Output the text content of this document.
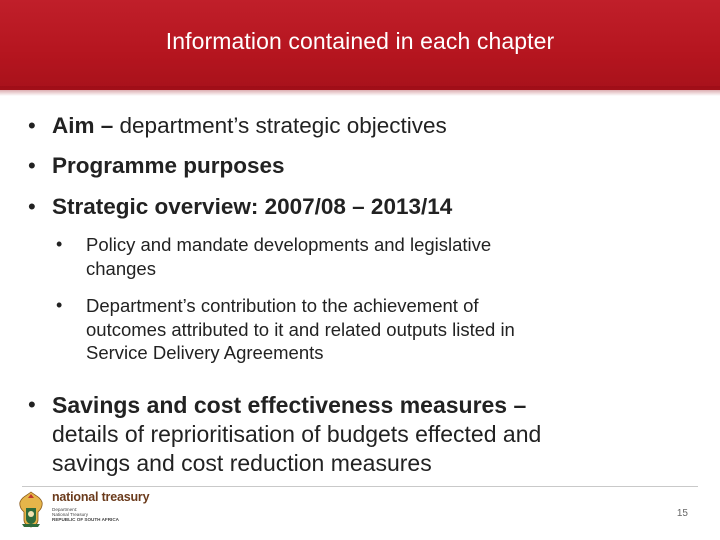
Information contained in each chapter
• Aim – department’s strategic objectives
• Programme purposes
• Strategic overview: 2007/08 – 2013/14
• Policy and mandate developments and legislative
changes
• Department’s contribution to the achievement of
outcomes attributed to it and related outputs listed in
Service Delivery Agreements
• Savings and cost effectiveness measures –
details of reprioritisation of budgets effected and
savings and cost reduction measures
national treasury
Department:
National Treasury
REPUBLIC OF SOUTH AFRICA
15
